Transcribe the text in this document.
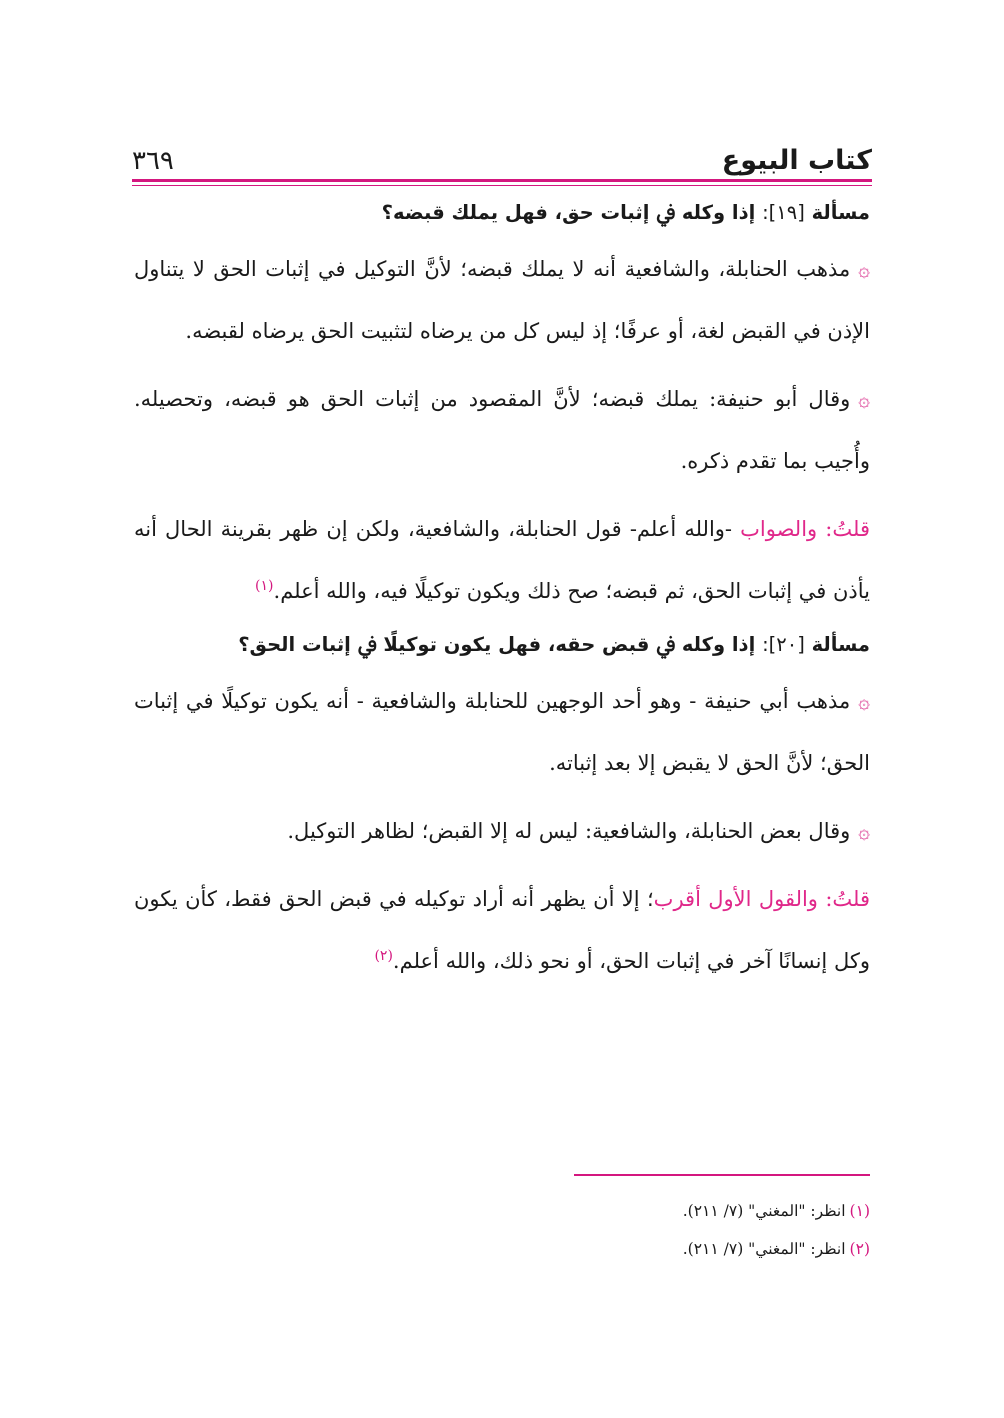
كتاب البيوع
٣٦٩
مسألة [١٩]: إذا وكله ﰲ إثبات حق، فهل يملك قبضه؟

۞مذهب الحنابلة، والشافعية أنه لا يملك قبضه؛ لأنَّ التوكيل في إثبات الحق لا يتناول الإذن في القبض لغة، أو عرفًا؛ إذ ليس كل من يرضاه لتثبيت الحق يرضاه لقبضه.

۞وقال أبو حنيفة: يملك قبضه؛ لأنَّ المقصود من إثبات الحق هو قبضه، وتحصيله. وأُجيب بما تقدم ذكره.

قلتُ: والصواب -والله أعلم- قول الحنابلة، والشافعية، ولكن إن ظهر بقرينة الحال أنه يأذن في إثبات الحق، ثم قبضه؛ صح ذلك ويكون توكيلًا فيه، والله أعلم.$^{(١)}$

مسألة [٢٠]: إذا وكله ﰲ قبض حقه، فهل يكون توكيلًا ﰲ إثبات الحق؟

۞مذهب أبي حنيفة - وهو أحد الوجهين للحنابلة والشافعية - أنه يكون توكيلًا في إثبات الحق؛ لأنَّ الحق لا يقبض إلا بعد إثباته.

۞وقال بعض الحنابلة، والشافعية: ليس له إلا القبض؛ لظاهر التوكيل.

قلتُ: والقول الأول أقرب؛ إلا أن يظهر أنه أراد توكيله في قبض الحق فقط، كأن يكون وكل إنسانًا آخر في إثبات الحق، أو نحو ذلك، والله أعلم.$^{(٢)}$

(١)انظر: "المغني" (٧/ ٢١١).
(٢)انظر: "المغني" (٧/ ٢١١).
